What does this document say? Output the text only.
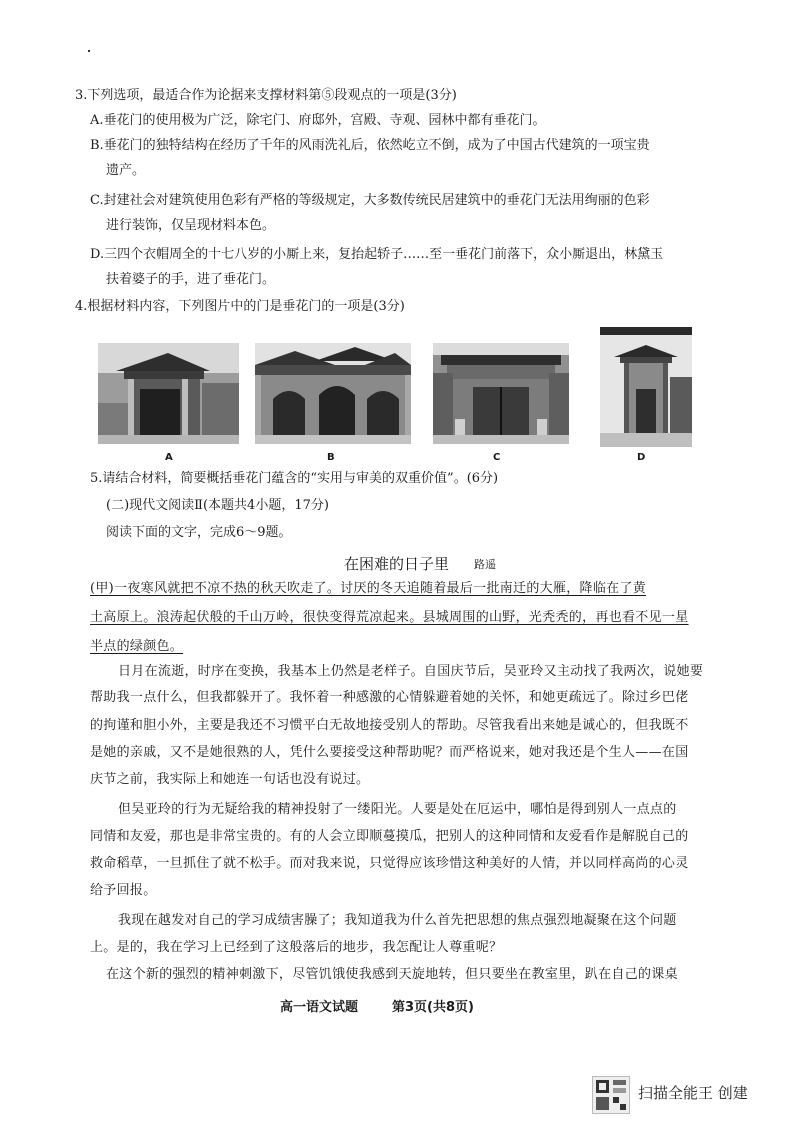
3.下列选项，最适合作为论据来支撑材料第⑤段观点的一项是(3分)
A.垂花门的使用极为广泛，除宅门、府邸外，宫殿、寺观、园林中都有垂花门。
B.垂花门的独特结构在经历了千年的风雨洗礼后，依然屹立不倒，成为了中国古代建筑的一项宝贵
遗产。
C.封建社会对建筑使用色彩有严格的等级规定，大多数传统民居建筑中的垂花门无法用绚丽的色彩
进行装饰，仅呈现材料本色。
D.三四个衣帽周全的十七八岁的小厮上来，复抬起轿子……至一垂花门前落下，众小厮退出，林黛玉
扶着婆子的手，进了垂花门。
4.根据材料内容，下列图片中的门是垂花门的一项是(3分)
A	B	C	D
5.请结合材料，简要概括垂花门蕴含的“实用与审美的双重价值”。(6分)
(二)现代文阅读Ⅱ(本题共4小题，17分)
阅读下面的文字，完成6～9题。
在困难的日子里 路遥
(甲)一夜寒风就把不凉不热的秋天吹走了。讨厌的冬天追随着最后一批南迁的大雁，降临在了黄
土高原上。浪涛起伏般的千山万岭，很快变得荒凉起来。县城周围的山野，光秃秃的，再也看不见一星
半点的绿颜色。
日月在流逝，时序在变换，我基本上仍然是老样子。自国庆节后，吴亚玲又主动找了我两次，说她要
帮助我一点什么，但我都躲开了。我怀着一种感激的心情躲避着她的关怀，和她更疏远了。除过乡巴佬
的拘谨和胆小外，主要是我还不习惯平白无故地接受别人的帮助。尽管我看出来她是诚心的，但我既不
是她的亲戚，又不是她很熟的人，凭什么要接受这种帮助呢？而严格说来，她对我还是个生人——在国
庆节之前，我实际上和她连一句话也没有说过。
但吴亚玲的行为无疑给我的精神投射了一缕阳光。人要是处在厄运中，哪怕是得到别人一点点的
同情和友爱，那也是非常宝贵的。有的人会立即顺蔓摸瓜，把别人的这种同情和友爱看作是解脱自己的
救命稻草，一旦抓住了就不松手。而对我来说，只觉得应该珍惜这种美好的人情，并以同样高尚的心灵
给予回报。
我现在越发对自己的学习成绩害臊了；我知道我为什么首先把思想的焦点强烈地凝聚在这个问题
上。是的，我在学习上已经到了这般落后的地步，我怎配让人尊重呢？
在这个新的强烈的精神刺激下，尽管饥饿使我感到天旋地转，但只要坐在教室里，趴在自己的课桌
高一语文试题	第3页(共8页)
扫描全能王 创建
